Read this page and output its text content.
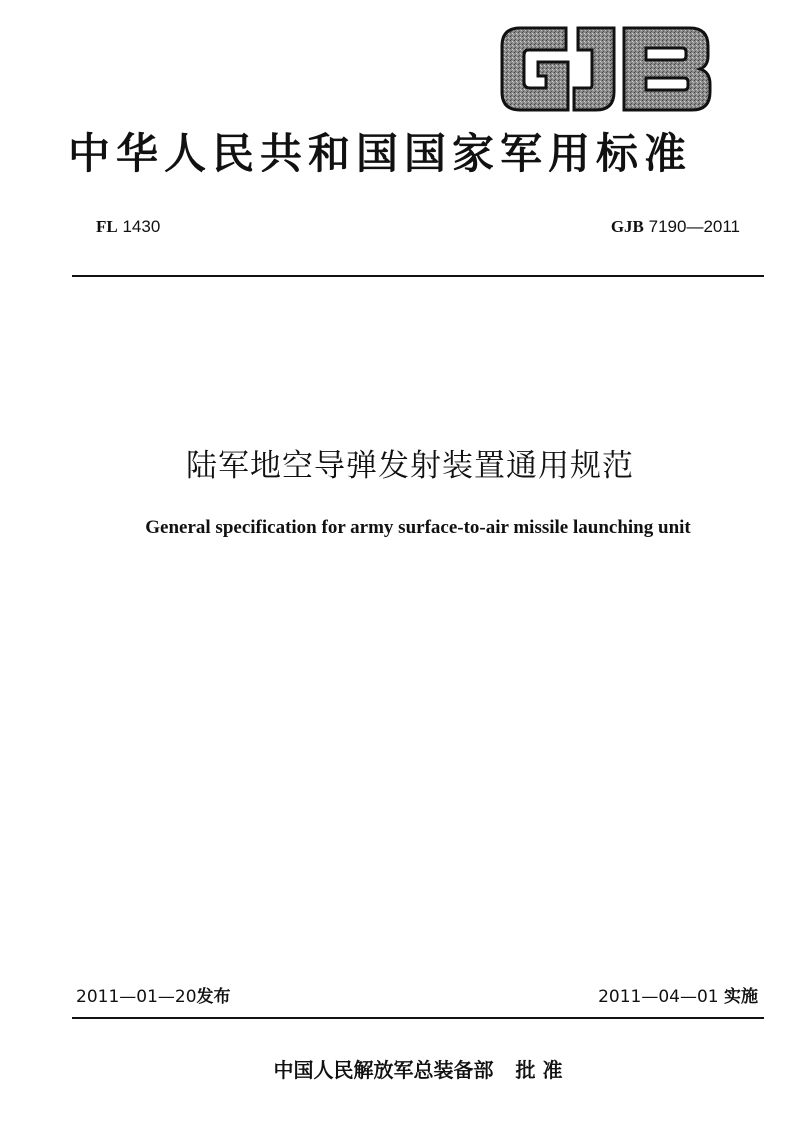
中华人民共和国国家军用标准
FL 1430	GJB 7190—2011
陆军地空导弹发射装置通用规范
General specification for army surface-to-air missile launching unit
2011—01—20发布	2011—04—01 实施
中国人民解放军总装备部 批 准
